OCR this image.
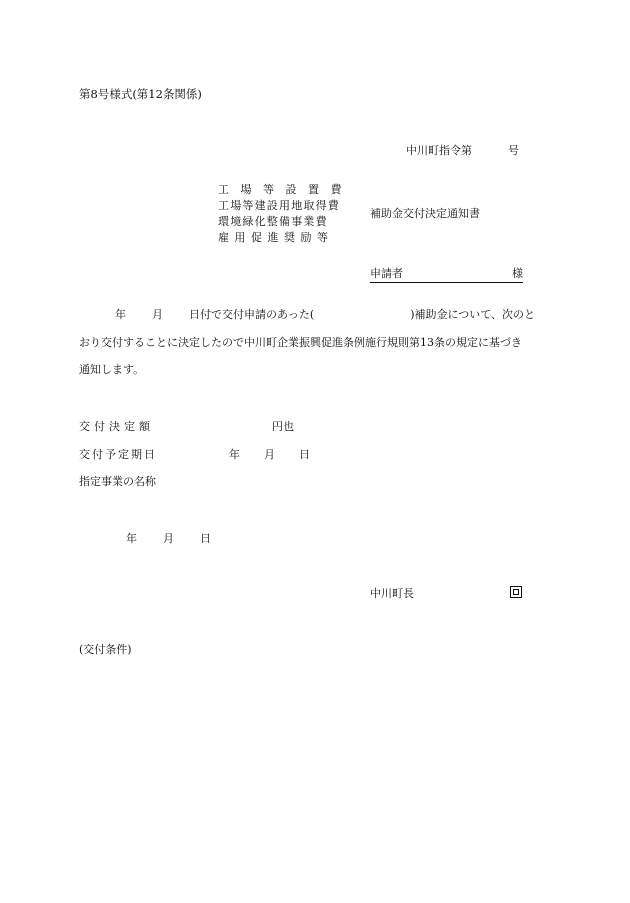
第8号様式(第12条関係)
中川町指令第	号
工場等設置費
工場等建設用地取得費
環境緑化整備事業費
雇用促進奨励等
補助金交付決定通知書
申請者	様
年 月 日付で交付申請のあった(	)補助金について、次のと
おり交付することに決定したので中川町企業振興促進条例施行規則第13条の規定に基づき
通知します。
交付決定額	円也
交付予定期日	年 月 日
指定事業の名称
年 月 日
中川町長
(交付条件)
